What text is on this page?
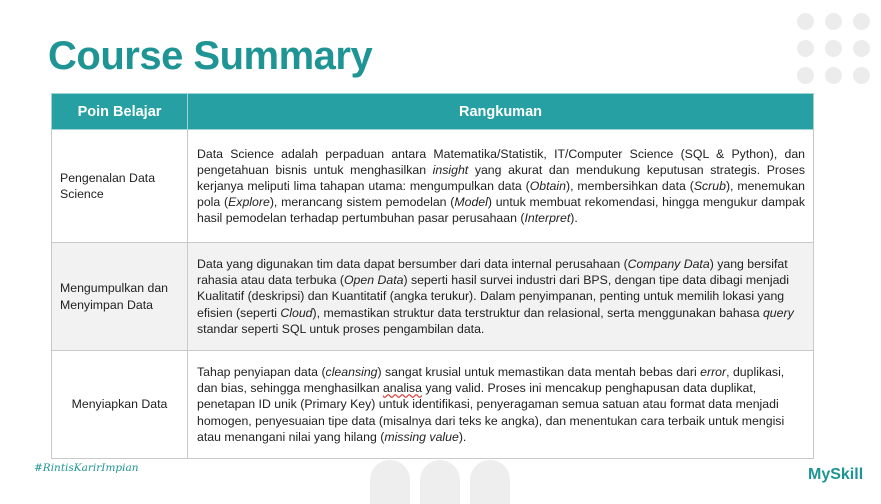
Course Summary
Poin Belajar	Rangkuman
Pengenalan Data Science	Data Science adalah perpaduan antara Matematika/Statistik, IT/Computer Science (SQL & Python), dan pengetahuan bisnis untuk menghasilkan insight yang akurat dan mendukung keputusan strategis. Proses kerjanya meliputi lima tahapan utama: mengumpulkan data (Obtain), membersihkan data (Scrub), menemukan pola (Explore), merancang sistem pemodelan (Model) untuk membuat rekomendasi, hingga mengukur dampak hasil pemodelan terhadap pertumbuhan pasar perusahaan (Interpret).
Mengumpulkan dan Menyimpan Data	Data yang digunakan tim data dapat bersumber dari data internal perusahaan (Company Data) yang bersifat rahasia atau data terbuka (Open Data) seperti hasil survei industri dari BPS, dengan tipe data dibagi menjadi Kualitatif (deskripsi) dan Kuantitatif (angka terukur). Dalam penyimpanan, penting untuk memilih lokasi yang efisien (seperti Cloud), memastikan struktur data terstruktur dan relasional, serta menggunakan bahasa query standar seperti SQL untuk proses pengambilan data.
Menyiapkan Data	Tahap penyiapan data (cleansing) sangat krusial untuk memastikan data mentah bebas dari error, duplikasi, dan bias, sehingga menghasilkan analisa yang valid. Proses ini mencakup penghapusan data duplikat, penetapan ID unik (Primary Key) untuk identifikasi, penyeragaman semua satuan atau format data menjadi homogen, penyesuaian tipe data (misalnya dari teks ke angka), dan menentukan cara terbaik untuk mengisi atau menangani nilai yang hilang (missing value).
#RintisKarirImpian	MySkill
